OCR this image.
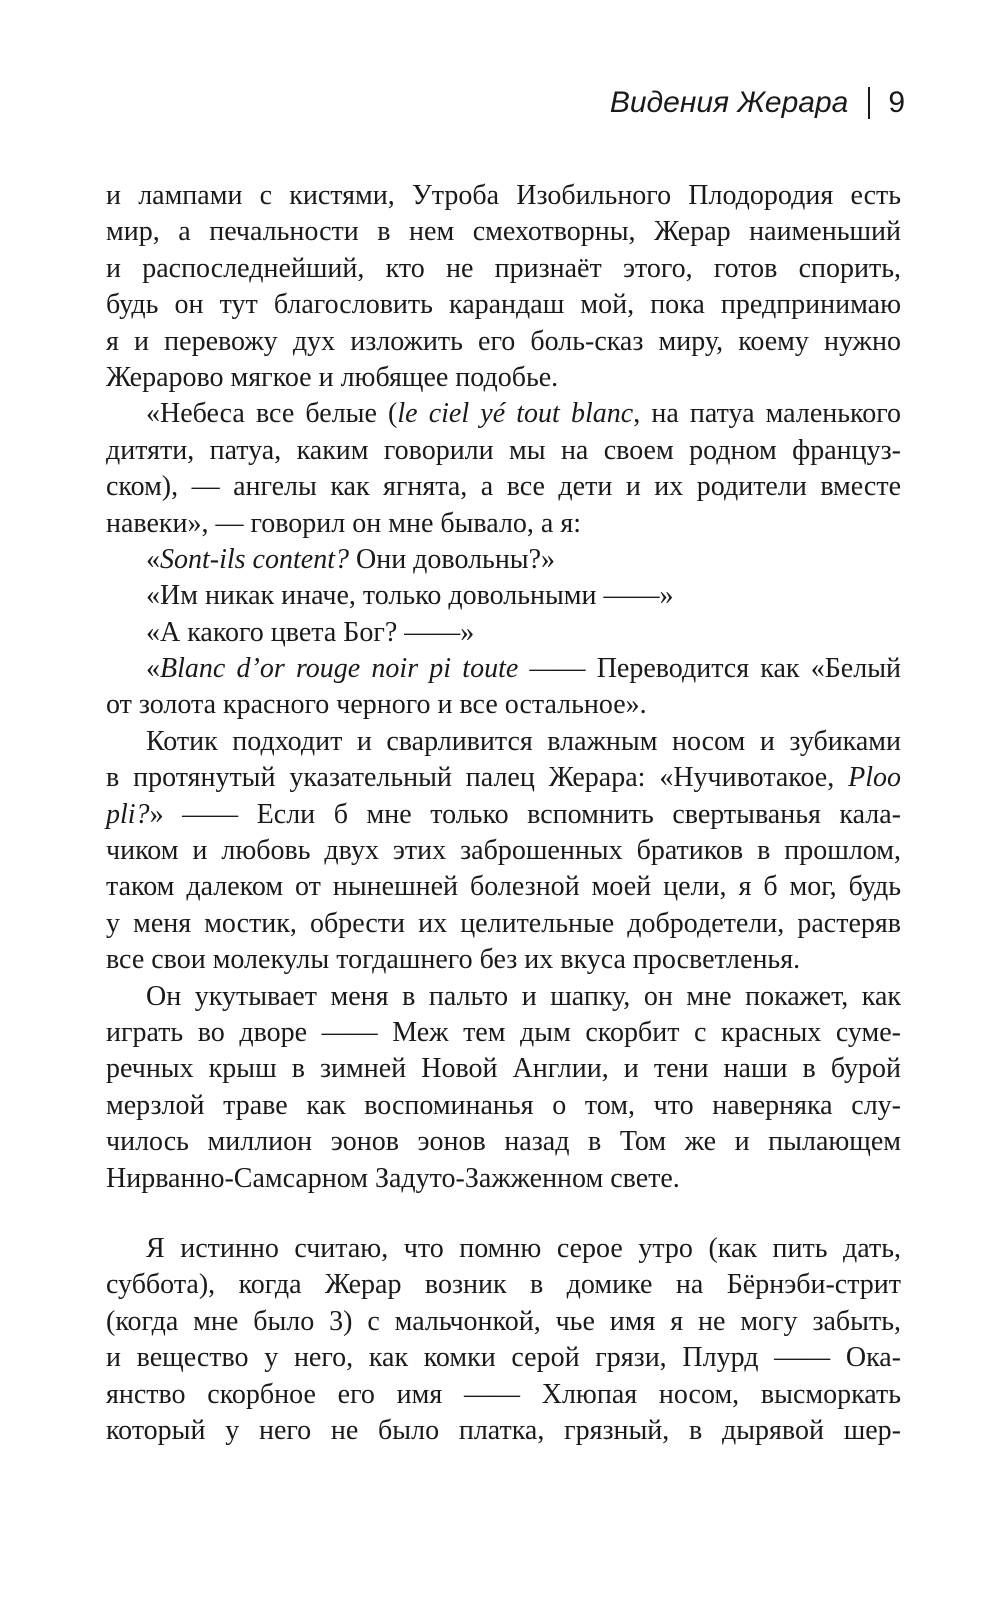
Видения Жерара 9
и лампами с кистями, Утроба Изобильного Плодородия есть
мир, а печальности в нем смехотворны, Жерар наименьший
и распоследнейший, кто не признаёт этого, готов спорить,
будь он тут благословить карандаш мой, пока предпринимаю
я и перевожу дух изложить его боль-сказ миру, коему нужно
Жерарово мягкое и любящее подобье.
«Небеса все белые (le ciel yé tout blanc, на патуа маленького
дитяти, патуа, каким говорили мы на своем родном француз-
ском), — ангелы как ягнята, а все дети и их родители вместе
навеки», — говорил он мне бывало, а я:
«Sont-ils content? Они довольны?»
«Им никак иначе, только довольными ——»
«А какого цвета Бог? ——»
«Blanc d’or rouge noir pi toute —— Переводится как «Белый
от золота красного черного и все остальное».
Котик подходит и сварливится влажным носом и зубиками
в протянутый указательный палец Жерара: «Нучивотакое, Ploo
pli?» —— Если б мне только вспомнить свертыванья кала-
чиком и любовь двух этих заброшенных братиков в прошлом,
таком далеком от нынешней болезной моей цели, я б мог, будь
у меня мостик, обрести их целительные добродетели, растеряв
все свои молекулы тогдашнего без их вкуса просветленья.
Он укутывает меня в пальто и шапку, он мне покажет, как
играть во дворе —— Меж тем дым скорбит с красных суме-
речных крыш в зимней Новой Англии, и тени наши в бурой
мерзлой траве как воспоминанья о том, что наверняка слу-
чилось миллион эонов эонов назад в Том же и пылающем
Нирванно-Самсарном Задуто-Зажженном свете.
Я истинно считаю, что помню серое утро (как пить дать,
суббота), когда Жерар возник в домике на Бёрнэби-стрит
(когда мне было 3) с мальчонкой, чье имя я не могу забыть,
и вещество у него, как комки серой грязи, Плурд —— Ока-
янство скорбное его имя —— Хлюпая носом, высморкать
который у него не было платка, грязный, в дырявой шер-
